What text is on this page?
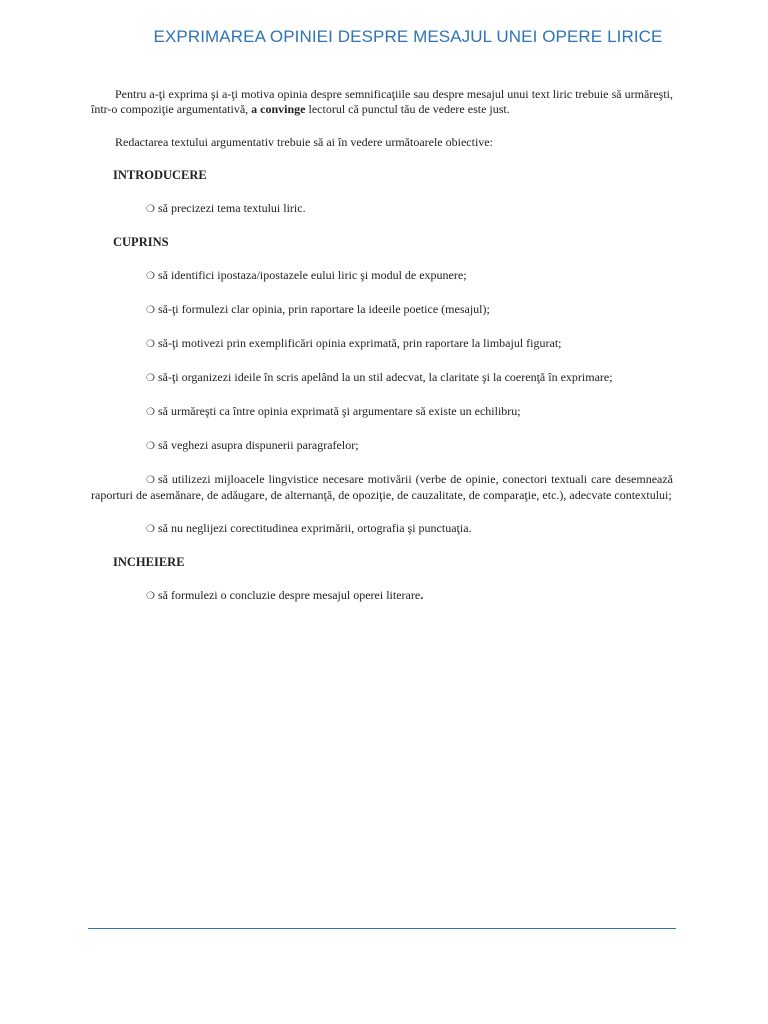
EXPRIMAREA OPINIEI DESPRE MESAJUL UNEI OPERE LIRICE

Pentru a-ţi exprima şi a-ţi motiva opinia despre semnificaţiile sau despre mesajul unui text liric trebuie să urmăreşti, într-o compoziţie argumentativă, a convinge lectorul că punctul tău de vedere este just.

Redactarea textului argumentativ trebuie să ai în vedere următoarele obiective:

INTRODUCERE
❍ să precizezi tema textului liric.
CUPRINS
❍ să identifici ipostaza/ipostazele eului liric şi modul de expunere;
❍ să-ţi formulezi clar opinia, prin raportare la ideeile poetice (mesajul);
❍ să-ţi motivezi prin exemplificări opinia exprimată, prin raportare la limbajul figurat;
❍ să-ţi organizezi ideile în scris apelând la un stil adecvat, la claritate şi la coerenţă în exprimare;
❍ să urmăreşti ca între opinia exprimată şi argumentare să existe un echilibru;
❍ să veghezi asupra dispunerii paragrafelor;
❍ să utilizezi mijloacele lingvistice necesare motivării (verbe de opinie, conectori textuali care desemnează raporturi de asemănare, de adăugare, de alternanţă, de opoziţie, de cauzalitate, de comparaţie, etc.), adecvate contextului;
❍ să nu neglijezi corectitudinea exprimării, ortografia şi punctuaţia.
INCHEIERE
❍ să formulezi o concluzie despre mesajul operei literare.
